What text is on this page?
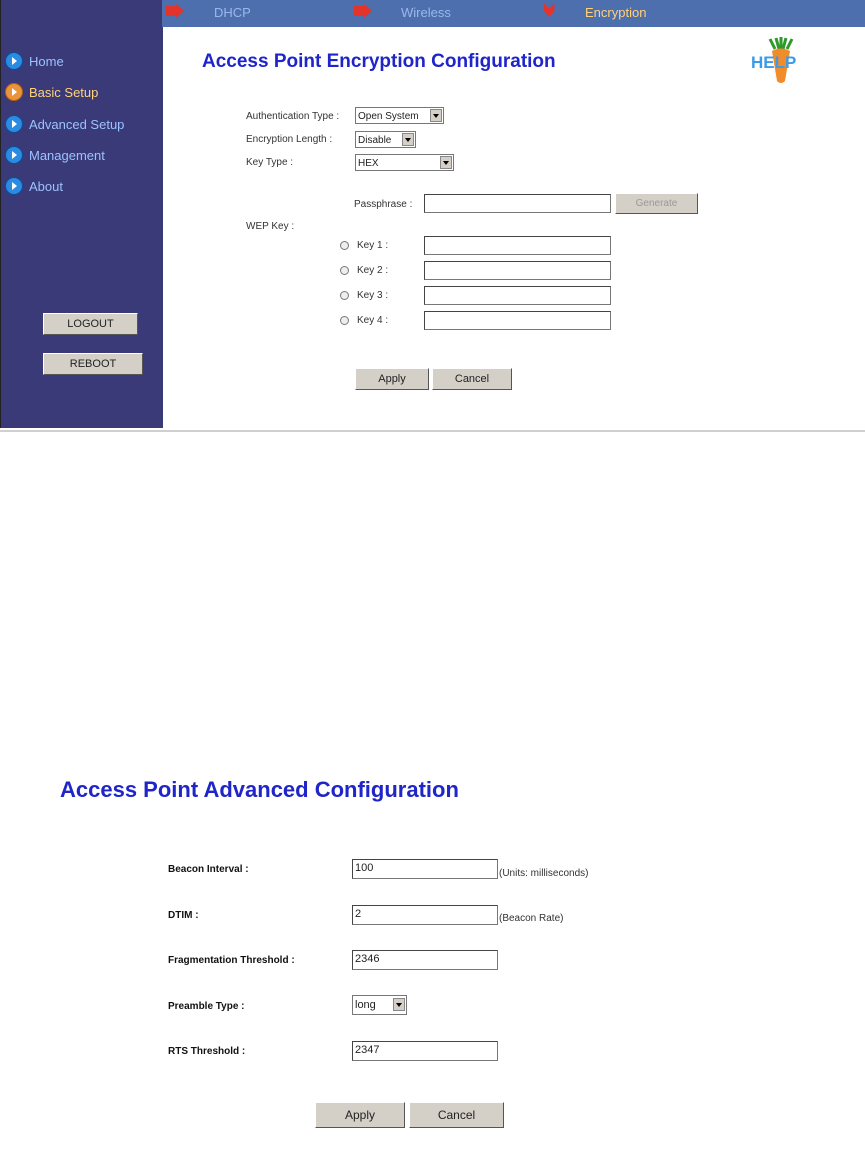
Home
Basic Setup
Advanced Setup
Management
About
LOGOUT
REBOOT
DHCP	Wireless	Encryption
Access Point Encryption Configuration	HELP
Authentication Type :	Open System
Encryption Length :	Disable
Key Type :	HEX
Passphrase :	Generate
WEP Key :
Key 1 :
Key 2 :
Key 3 :
Key 4 :
Apply	Cancel
Access Point Advanced Configuration
Beacon Interval :	100	(Units: milliseconds)
DTIM :	2	(Beacon Rate)
Fragmentation Threshold :	2346
Preamble Type :	long
RTS Threshold :	2347
Apply	Cancel
